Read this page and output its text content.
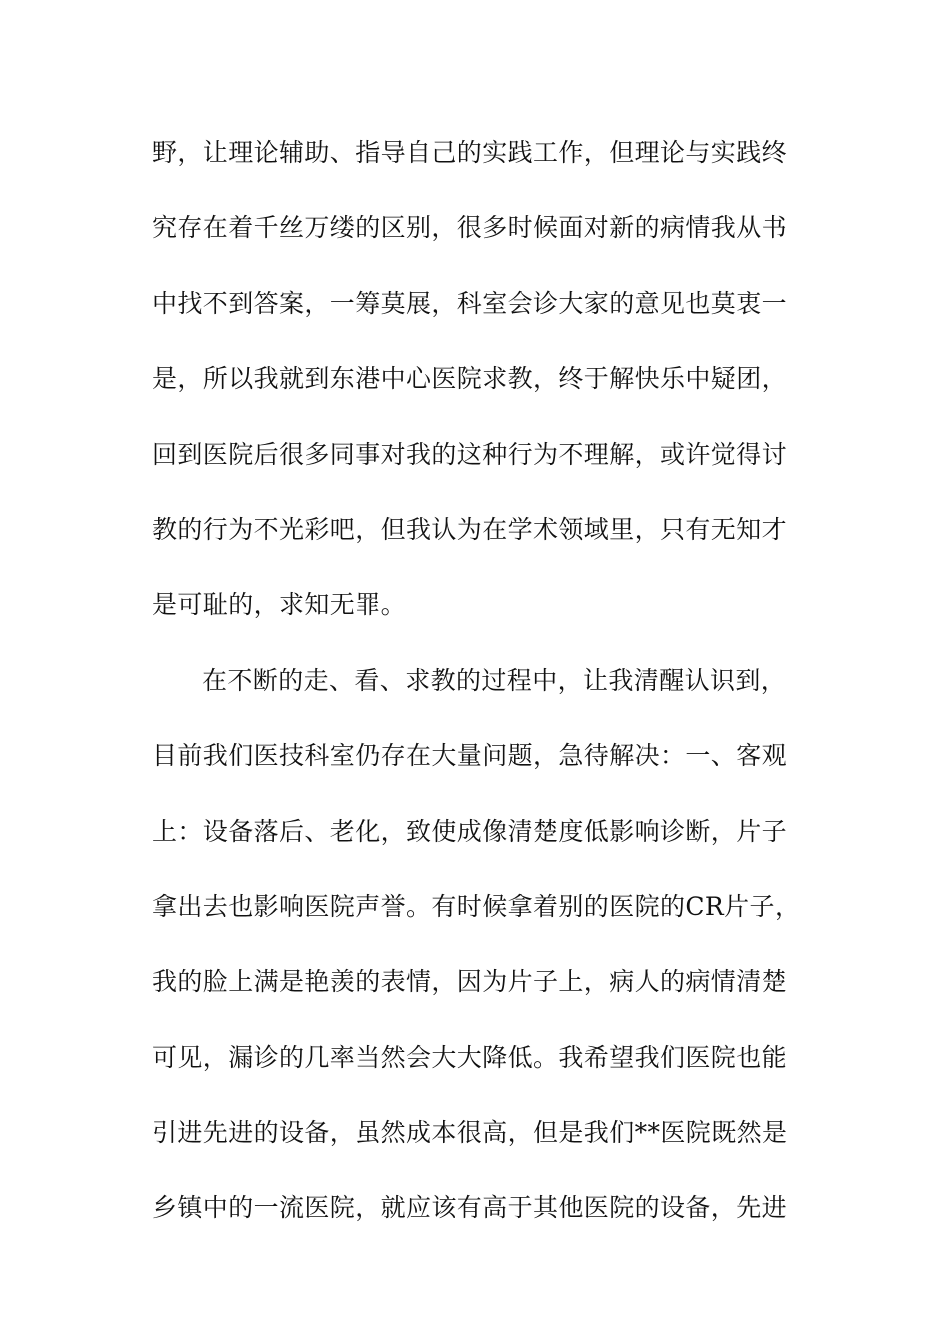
野，让理论辅助、指导自己的实践工作，但理论与实践终
究存在着千丝万缕的区别，很多时候面对新的病情我从书
中找不到答案，一筹莫展，科室会诊大家的意见也莫衷一
是，所以我就到东港中心医院求教，终于解快乐中疑团，
回到医院后很多同事对我的这种行为不理解，或许觉得讨
教的行为不光彩吧，但我认为在学术领域里，只有无知才
是可耻的，求知无罪。
在不断的走、看、求教的过程中，让我清醒认识到，
目前我们医技科室仍存在大量问题，急待解决：一、客观
上：设备落后、老化，致使成像清楚度低影响诊断，片子
拿出去也影响医院声誉。有时候拿着别的医院的CR片子，
我的脸上满是艳羡的表情，因为片子上，病人的病情清楚
可见，漏诊的几率当然会大大降低。我希望我们医院也能
引进先进的设备，虽然成本很高，但是我们**医院既然是
乡镇中的一流医院，就应该有高于其他医院的设备，先进
